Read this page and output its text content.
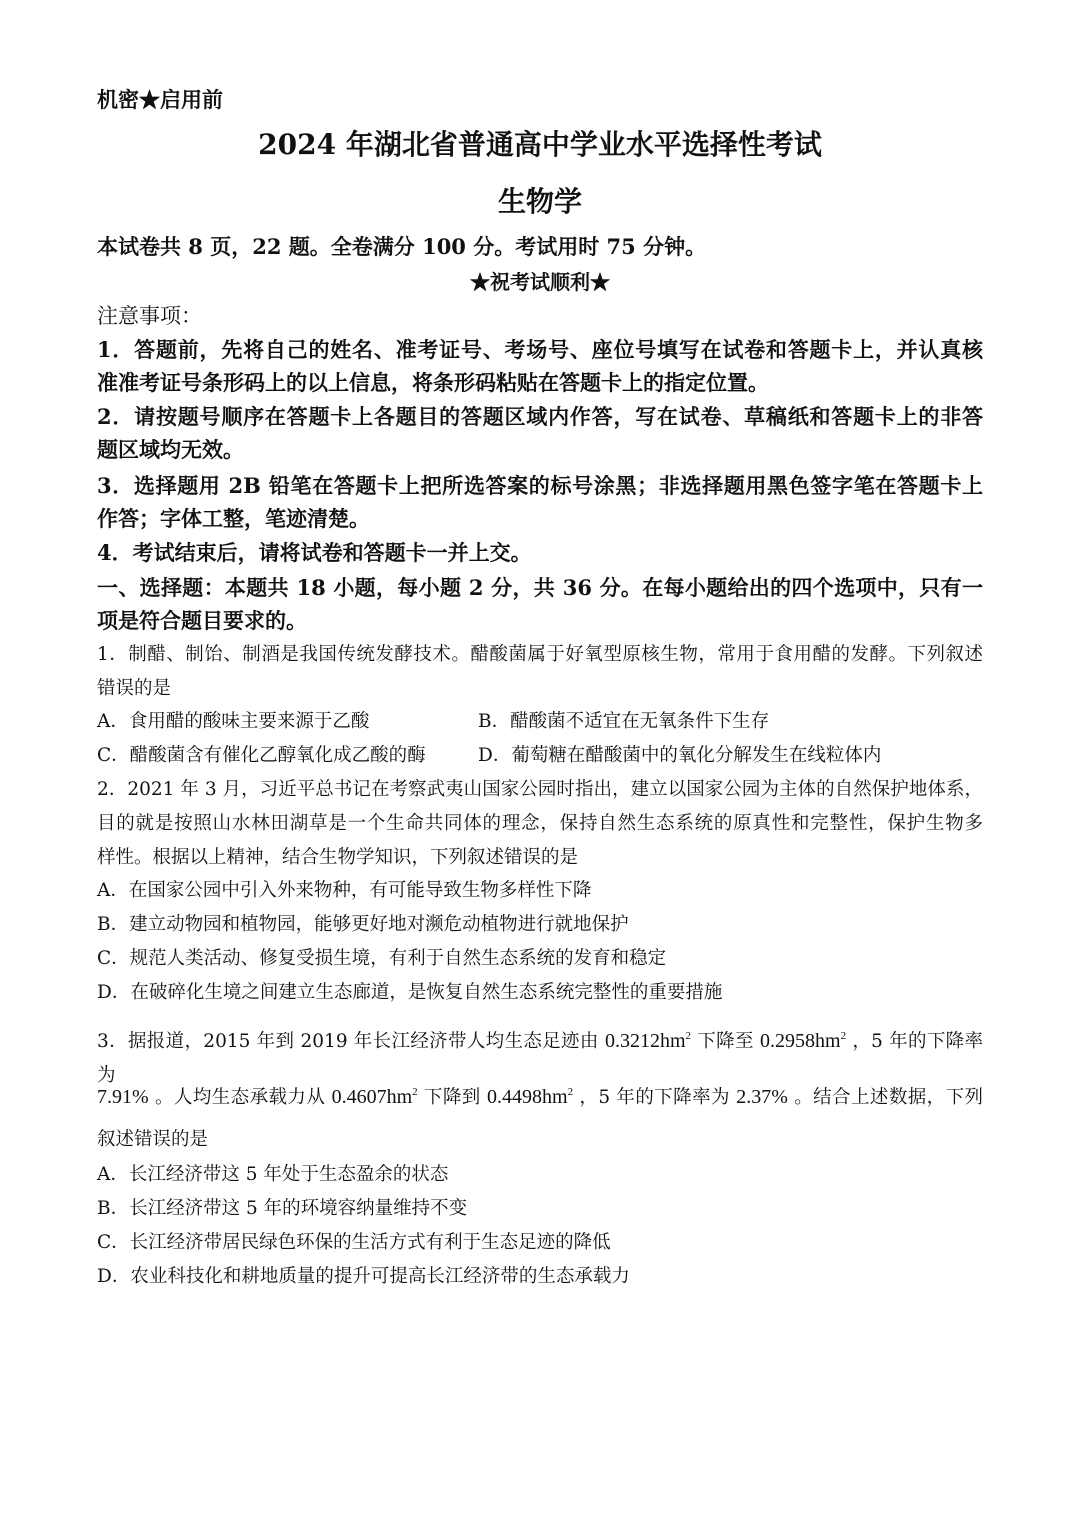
机密★启用前
2024 年湖北省普通高中学业水平选择性考试
生物学
本试卷共 8 页，22 题。全卷满分 100 分。考试用时 75 分钟。
★祝考试顺利★
注意事项：
1．答题前，先将自己的姓名、准考证号、考场号、座位号填写在试卷和答题卡上，并认真核
准准考证号条形码上的以上信息，将条形码粘贴在答题卡上的指定位置。
2．请按题号顺序在答题卡上各题目的答题区域内作答，写在试卷、草稿纸和答题卡上的非答
题区域均无效。
3．选择题用 2B 铅笔在答题卡上把所选答案的标号涂黑；非选择题用黑色签字笔在答题卡上
作答；字体工整，笔迹清楚。
4．考试结束后，请将试卷和答题卡一并上交。
一、选择题：本题共 18 小题，每小题 2 分，共 36 分。在每小题给出的四个选项中，只有一
项是符合题目要求的。
1．制醋、制饴、制酒是我国传统发酵技术。醋酸菌属于好氧型原核生物，常用于食用醋的发酵。下列叙述
错误的是
A．食用醋的酸味主要来源于乙酸	B．醋酸菌不适宜在无氧条件下生存
C．醋酸菌含有催化乙醇氧化成乙酸的酶	D．葡萄糖在醋酸菌中的氧化分解发生在线粒体内
2．2021 年 3 月，习近平总书记在考察武夷山国家公园时指出，建立以国家公园为主体的自然保护地体系，
目的就是按照山水林田湖草是一个生命共同体的理念，保持自然生态系统的原真性和完整性，保护生物多
样性。根据以上精神，结合生物学知识，下列叙述错误的是
A．在国家公园中引入外来物种，有可能导致生物多样性下降
B．建立动物园和植物园，能够更好地对濒危动植物进行就地保护
C．规范人类活动、修复受损生境，有利于自然生态系统的发育和稳定
D．在破碎化生境之间建立生态廊道，是恢复自然生态系统完整性的重要措施
3．据报道，2015 年到 2019 年长江经济带人均生态足迹由 $0.3212hm^2$ 下降至 $0.2958hm^2$ ，5 年的下降率为
7.91% 。人均生态承载力从 $0.4607hm^2$ 下降到 $0.4498hm^2$ ，5 年的下降率为 2.37% 。结合上述数据，下列
叙述错误的是
A．长江经济带这 5 年处于生态盈余的状态
B．长江经济带这 5 年的环境容纳量维持不变
C．长江经济带居民绿色环保的生活方式有利于生态足迹的降低
D．农业科技化和耕地质量的提升可提高长江经济带的生态承载力
